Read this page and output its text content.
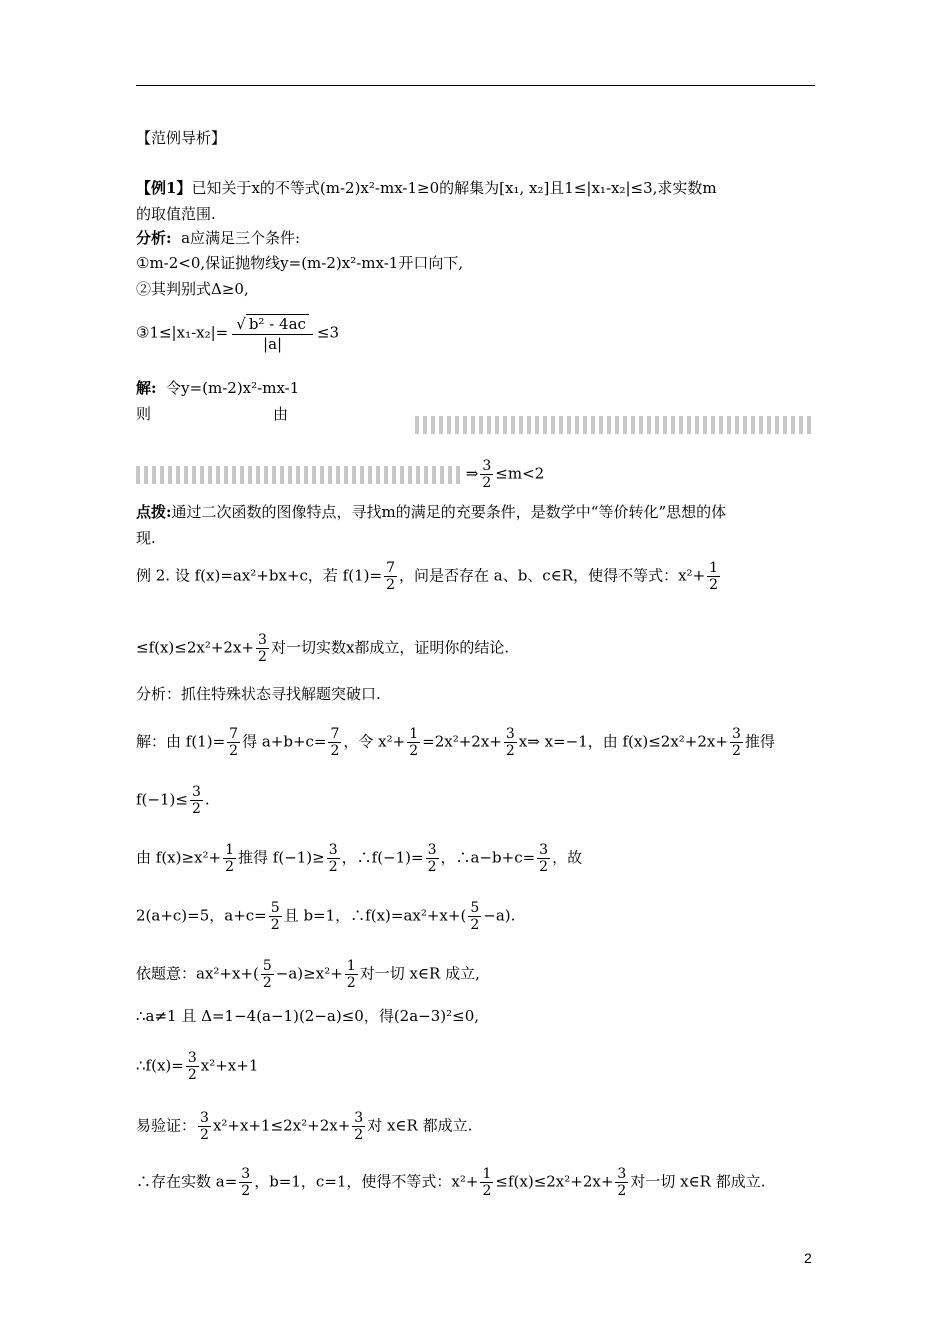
【范例导析】
【例1】已知关于x的不等式(m-2)x²-mx-1≥0的解集为[x₁, x₂]且1≤|x₁-x₂|≤3,求实数m
的取值范围.
分析: a应满足三个条件:
①m-2<0,保证抛物线y=(m-2)x²-mx-1开口向下,
②其判别式Δ≥0,
③1≤|x₁-x₂|= $\frac{\text{√ b² - 4ac}}{|a|} \le 3$
解: 令y=(m-2)x²-mx-1
则	由
⇒ $\frac{3}{2} \le m<2$
点拨:通过二次函数的图像特点，寻找m的满足的充要条件，是数学中“等价转化”思想的体
现.
例 2. 设 f(x)=ax²+bx+c，若 $f(1)= \frac{7}{2}$ ，问是否存在 a、b、c∈R，使得不等式：$x^2+ \frac{1}{2}$
$\le f(x)\le 2x^2+2x+ \frac{3}{2}$ 对一切实数x都成立，证明你的结论.
分析：抓住特殊状态寻找解题突破口.
解：由 $f(1)= \frac{7}{2}$ 得 $a+b+c= \frac{7}{2}$ ，令 $x^2+ \frac{1}{2} =2x^2+2x+ \frac{3}{2}$ x⇒ x=−1，由 $f(x)\le 2x^2+2x+ \frac{3}{2}$ 推得
$f(-1)\le \frac{3}{2}$ .
由 $f(x)\ge x^2+ \frac{1}{2}$ 推得 $f(-1)\ge \frac{3}{2}$ ，∴f(−1)= $\frac{3}{2}$ ，∴a−b+c= $\frac{3}{2}$ ，故
2(a+c)=5，$a+c= \frac{5}{2}$ 且 b=1，∴f(x)=ax²+x+( $\frac{5}{2} -a$).
依题意：$ax^2+x+( \frac{5}{2} -a)\ge x^2+ \frac{1}{2}$ 对一切 x∈R 成立,
∴a≠1 且 Δ=1−4(a−1)(2−a)≤0，得(2a−3)²≤0,
∴f(x)= $\frac{3}{2} x^2+x+1$
易验证： $\frac{3}{2} x^2+x+1\le 2x^2+2x+ \frac{3}{2}$ 对 x∈R 都成立.
∴存在实数 $a= \frac{3}{2}$ ，b=1，c=1，使得不等式：$x^2+ \frac{1}{2} \le f(x)\le 2x^2+2x+ \frac{3}{2}$ 对一切 x∈R 都成立.
2
